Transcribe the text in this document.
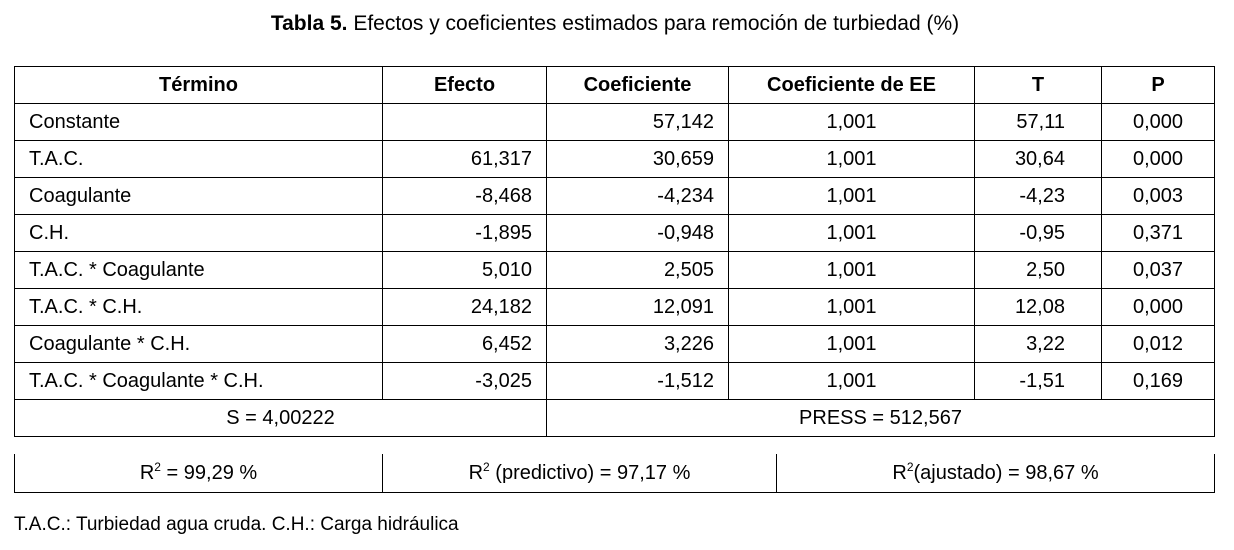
Tabla 5. Efectos y coeficientes estimados para remoción de turbiedad (%)
Término	Efecto	Coeficiente	Coeficiente de EE	T	P
Constante		57,142	1,001	57,11	0,000
T.A.C.	61,317	30,659	1,001	30,64	0,000
Coagulante	-8,468	-4,234	1,001	-4,23	0,003
C.H.	-1,895	-0,948	1,001	-0,95	0,371
T.A.C. * Coagulante	5,010	2,505	1,001	2,50	0,037
T.A.C. * C.H.	24,182	12,091	1,001	12,08	0,000
Coagulante * C.H.	6,452	3,226	1,001	3,22	0,012
T.A.C. * Coagulante * C.H.	-3,025	-1,512	1,001	-1,51	0,169
S = 4,00222		PRESS = 512,567			
$R^2 = 99,29$ %	$R^2$ (predictivo) = 97,17 %	$R^2(ajustado) = 98,67$ %
T.A.C.: Turbiedad agua cruda. C.H.: Carga hidráulica
